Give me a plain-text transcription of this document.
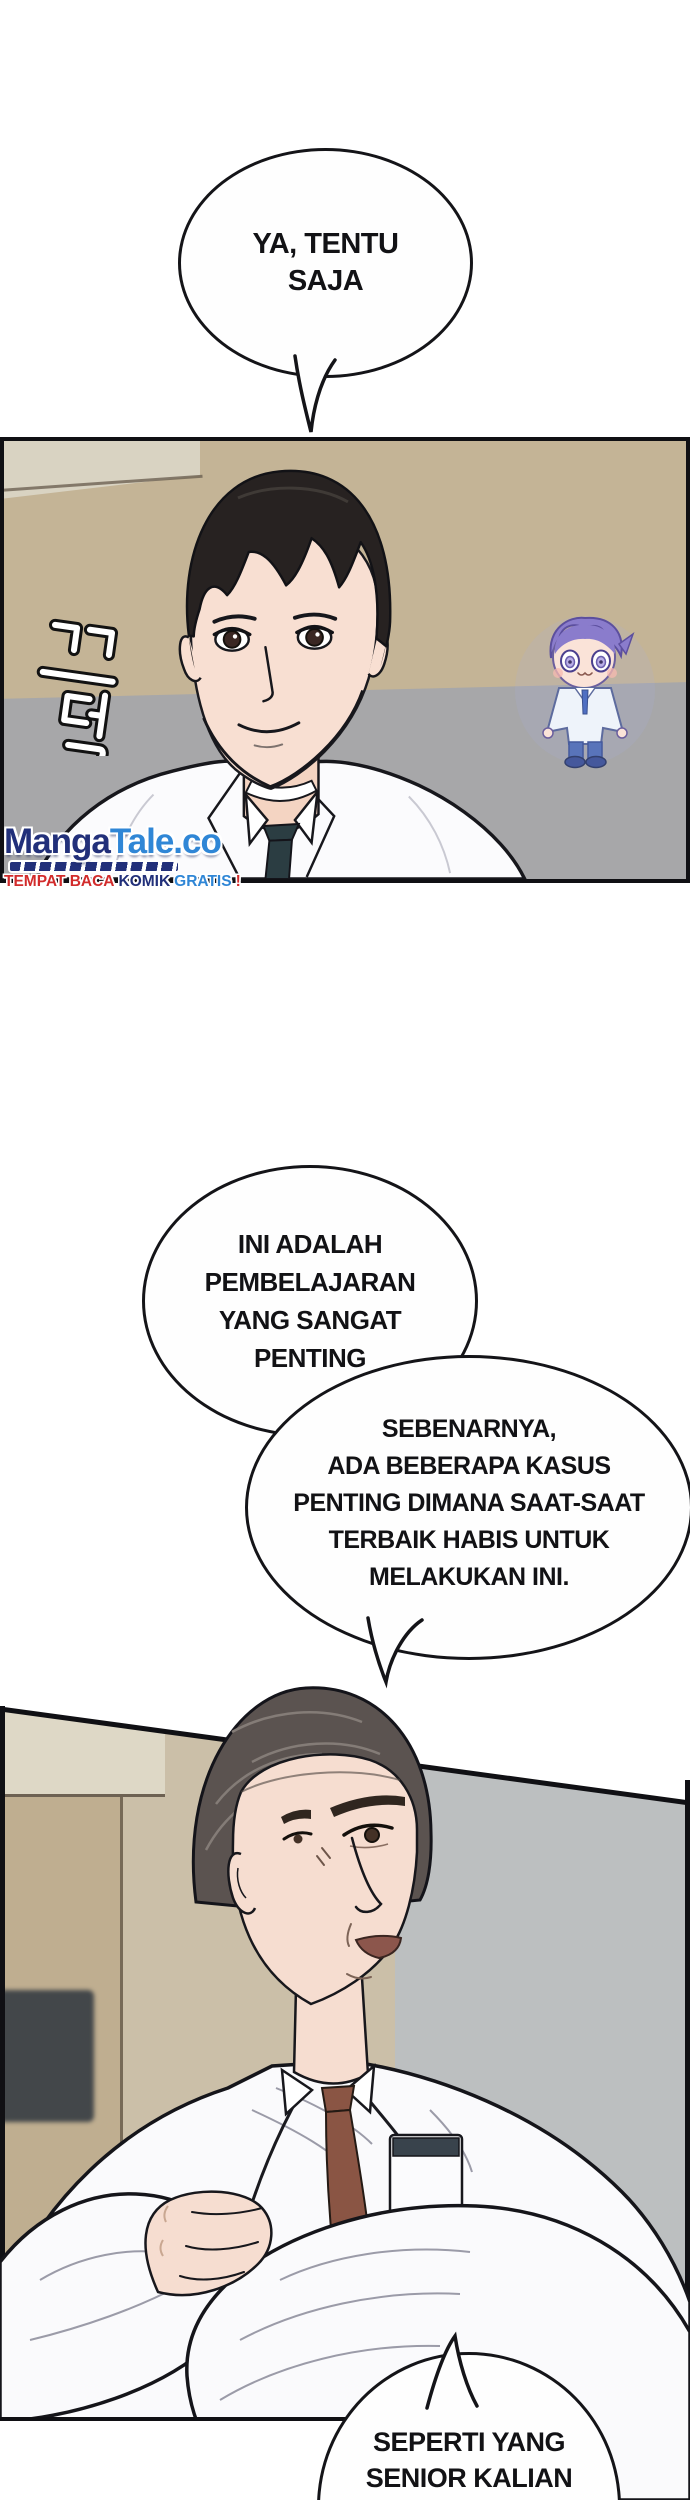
MangaTale.co
TEMPAT BACA KOMIK GRATIS !
YA, TENTU
SAJA
INI ADALAH
PEMBELAJARAN
YANG SANGAT
PENTING
SEBENARNYA,
ADA BEBERAPA KASUS
PENTING DIMANA SAAT-SAAT
TERBAIK HABIS UNTUK
MELAKUKAN INI.
SEPERTI YANG
SENIOR KALIAN
